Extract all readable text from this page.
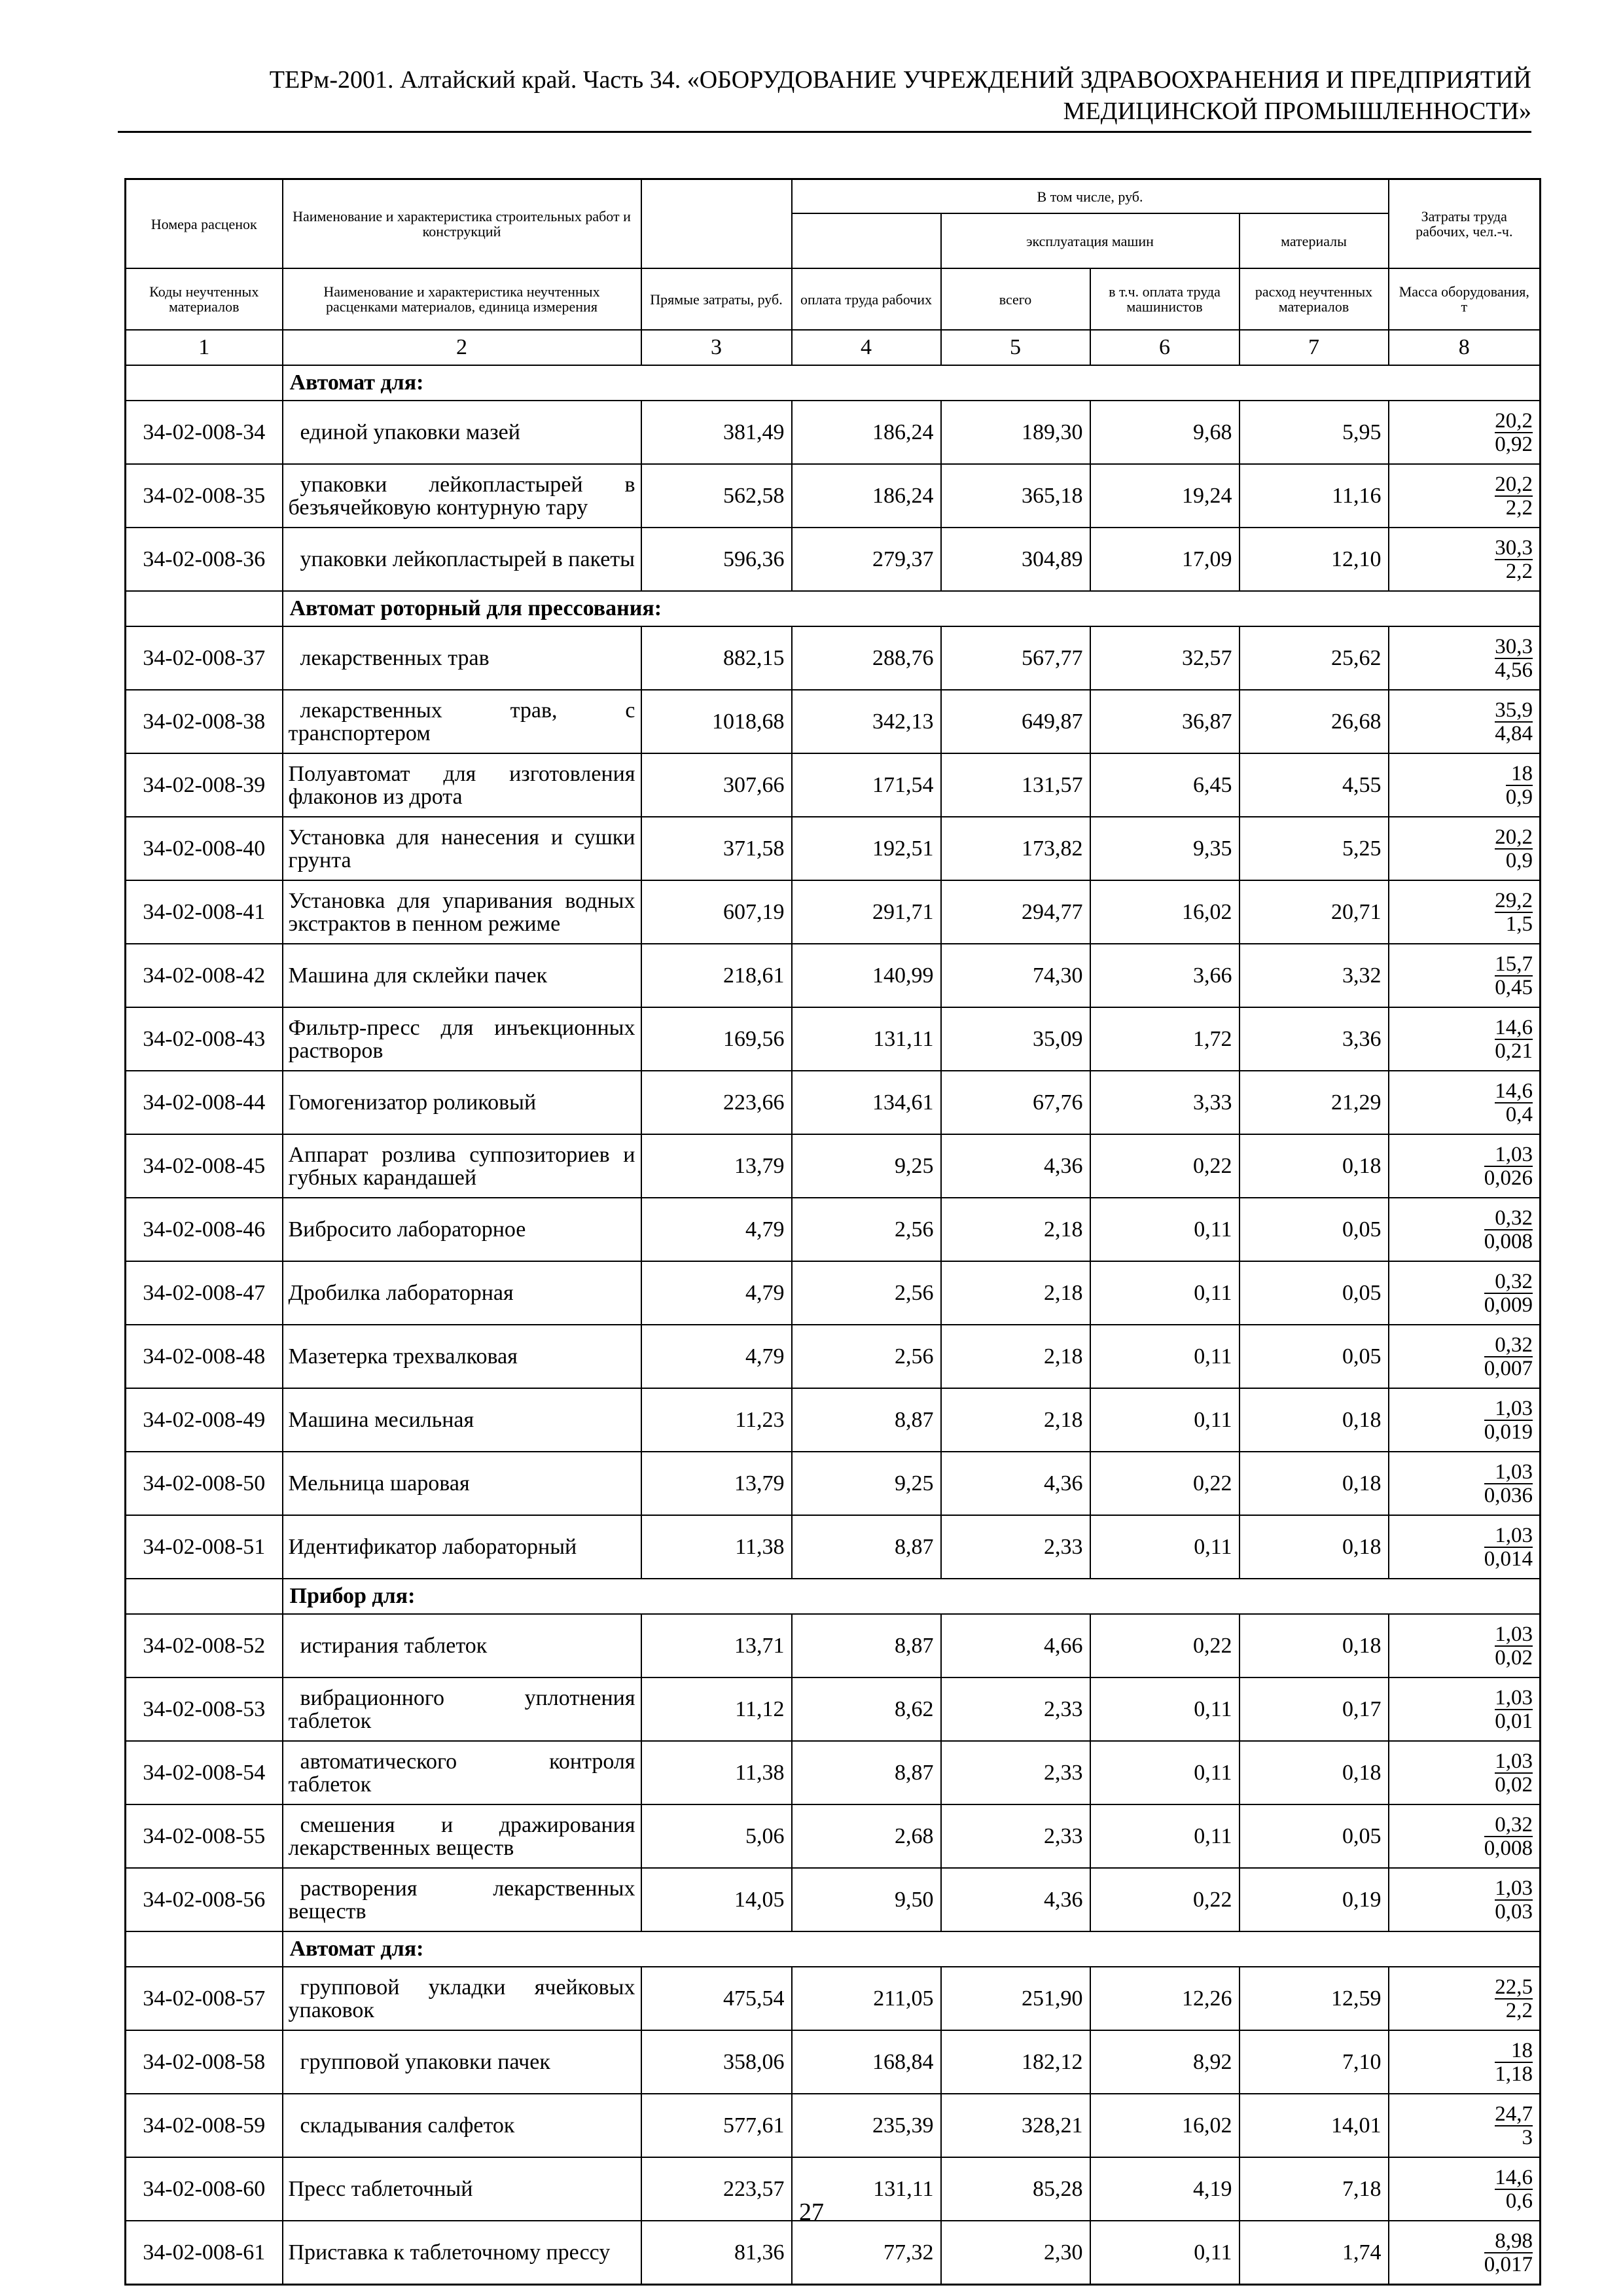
ТЕРм-2001. Алтайский край. Часть 34. «ОБОРУДОВАНИЕ УЧРЕЖДЕНИЙ ЗДРАВООХРАНЕНИЯ И ПРЕДПРИЯТИЙ
МЕДИЦИНСКОЙ ПРОМЫШЛЕННОСТИ»
Номера расценок	Наименование и характеристика строительных работ и конструкций		В том числе, руб.				Затраты труда рабочих, чел.-ч.
				эксплуатация машин		материалы	

Коды неучтенных материалов	Наименование и характеристика неучтенных расценками материалов, единица измерения	Прямые затраты, руб.	оплата труда рабочих	всего	в т.ч. оплата труда машинистов	расход неучтенных материалов	Масса оборудования, т
1	2	3	4	5	6	7	8
	Автомат для:						
34-02-008-34	единой упаковки мазей	381,49	186,24	189,30	9,68	5,95	$\frac{20,2}{0,92}$

34-02-008-35	упаковки лейкопластырей в безъячейковую контурную тару	562,58	186,24	365,18	19,24	11,16	$\frac{20,2}{2,2}$

34-02-008-36	упаковки лейкопластырей в пакеты	596,36	279,37	304,89	17,09	12,10	$\frac{30,3}{2,2}$

	Автомат роторный для прессования:						
34-02-008-37	лекарственных трав	882,15	288,76	567,77	32,57	25,62	$\frac{30,3}{4,56}$

34-02-008-38	лекарственных трав, с транспортером	1018,68	342,13	649,87	36,87	26,68	$\frac{35,9}{4,84}$

34-02-008-39	Полуавтомат для изготовления флаконов из дрота	307,66	171,54	131,57	6,45	4,55	$\frac{18}{0,9}$

34-02-008-40	Установка для нанесения и сушки грунта	371,58	192,51	173,82	9,35	5,25	$\frac{20,2}{0,9}$

34-02-008-41	Установка для упаривания водных экстрактов в пенном режиме	607,19	291,71	294,77	16,02	20,71	$\frac{29,2}{1,5}$

34-02-008-42	Машина для склейки пачек	218,61	140,99	74,30	3,66	3,32	$\frac{15,7}{0,45}$

34-02-008-43	Фильтр-пресс для инъекционных растворов	169,56	131,11	35,09	1,72	3,36	$\frac{14,6}{0,21}$

34-02-008-44	Гомогенизатор роликовый	223,66	134,61	67,76	3,33	21,29	$\frac{14,6}{0,4}$

34-02-008-45	Аппарат розлива суппозиториев и губных карандашей	13,79	9,25	4,36	0,22	0,18	$\frac{1,03}{0,026}$

34-02-008-46	Вибросито лабораторное	4,79	2,56	2,18	0,11	0,05	$\frac{0,32}{0,008}$

34-02-008-47	Дробилка лабораторная	4,79	2,56	2,18	0,11	0,05	$\frac{0,32}{0,009}$

34-02-008-48	Мазетерка трехвалковая	4,79	2,56	2,18	0,11	0,05	$\frac{0,32}{0,007}$

34-02-008-49	Машина месильная	11,23	8,87	2,18	0,11	0,18	$\frac{1,03}{0,019}$

34-02-008-50	Мельница шаровая	13,79	9,25	4,36	0,22	0,18	$\frac{1,03}{0,036}$

34-02-008-51	Идентификатор лабораторный	11,38	8,87	2,33	0,11	0,18	$\frac{1,03}{0,014}$

	Прибор для:						
34-02-008-52	истирания таблеток	13,71	8,87	4,66	0,22	0,18	$\frac{1,03}{0,02}$

34-02-008-53	вибрационного уплотнения таблеток	11,12	8,62	2,33	0,11	0,17	$\frac{1,03}{0,01}$

34-02-008-54	автоматического контроля таблеток	11,38	8,87	2,33	0,11	0,18	$\frac{1,03}{0,02}$

34-02-008-55	смешения и дражирования лекарственных веществ	5,06	2,68	2,33	0,11	0,05	$\frac{0,32}{0,008}$

34-02-008-56	растворения лекарственных веществ	14,05	9,50	4,36	0,22	0,19	$\frac{1,03}{0,03}$

	Автомат для:						
34-02-008-57	групповой укладки ячейковых упаковок	475,54	211,05	251,90	12,26	12,59	$\frac{22,5}{2,2}$

34-02-008-58	групповой упаковки пачек	358,06	168,84	182,12	8,92	7,10	$\frac{18}{1,18}$

34-02-008-59	складывания салфеток	577,61	235,39	328,21	16,02	14,01	$\frac{24,7}{3}$

34-02-008-60	Пресс таблеточный	223,57	131,11	85,28	4,19	7,18	$\frac{14,6}{0,6}$

34-02-008-61	Приставка к таблеточному прессу	81,36	77,32	2,30	0,11	1,74	$\frac{8,98}{0,017}$
27
